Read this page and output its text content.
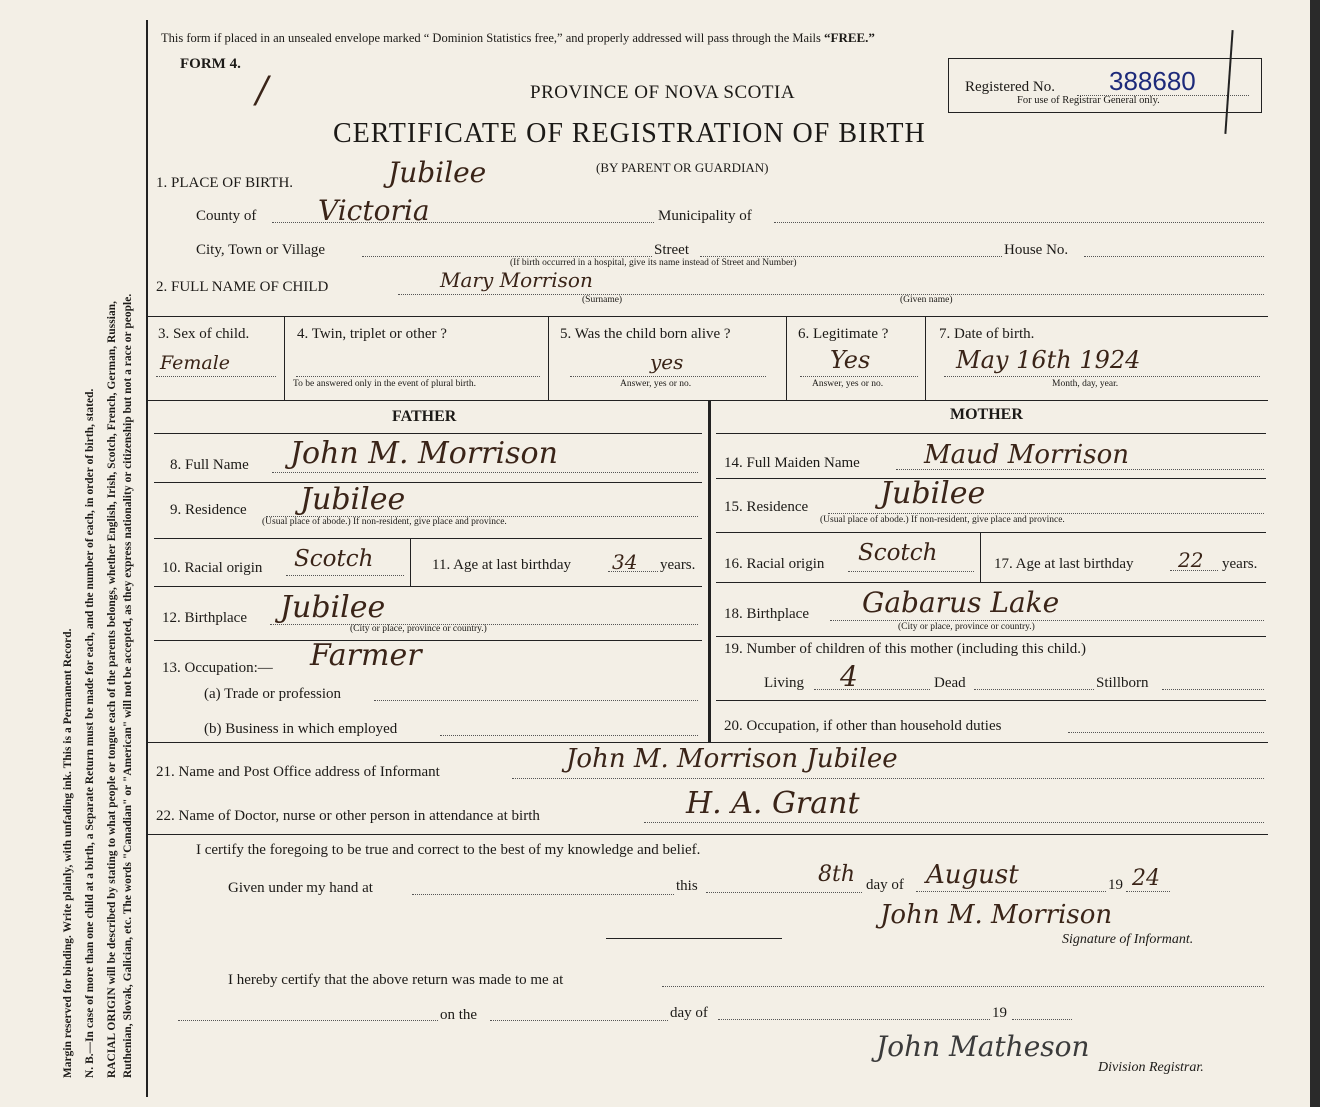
Margin reserved for binding. Write plainly, with unfading ink. This is a Permanent Record. N. B.—In case of more than one child at a birth, a Separate Return must be made for each, and the number of each, in order of birth, stated. RACIAL ORIGIN will be described by stating to what people or tongue each of the parents belongs, whether English, Irish, Scotch, French, German, Russian, Ruthenian, Slovak, Galician, etc. The words "Canadian" or "American" will not be accepted, as they express nationality or citizenship but not a race or people.
This form if placed in an unsealed envelope marked “ Dominion Statistics free,” and properly addressed will pass through the Mails “FREE.”
FORM 4.
/	PROVINCE OF NOVA SCOTIA
CERTIFICATE OF REGISTRATION OF BIRTH
(BY PARENT OR GUARDIAN)
Registered No. 388680
For use of Registrar General only.
1. PLACE OF BIRTH.	Jubilee
County of Victoria	Municipality of
City, Town or Village	Street	House No.
(If birth occurred in a hospital, give its name instead of Street and Number)
2. FULL NAME OF CHILD	Mary Morrison
(Surname)	(Given name)
3. Sex of child.
Female
4. Twin, triplet or other ?
To be answered only in the event of plural birth.
5. Was the child born alive ?
yes
Answer, yes or no.
6. Legitimate ?
Yes
Answer, yes or no.
7. Date of birth.
May 16th 1924
Month, day, year.
FATHER	MOTHER
8. Full Name John M. Morrison
9. Residence Jubilee
(Usual place of abode.) If non-resident, give place and province.
10. Racial origin Scotch	11. Age at last birthday 34 years.
12. Birthplace Jubilee
(City or place, province or country.)
13. Occupation:— Farmer
(a) Trade or profession
(b) Business in which employed
14. Full Maiden Name Maud Morrison
15. Residence Jubilee
(Usual place of abode.) If non-resident, give place and province.
16. Racial origin Scotch	17. Age at last birthday 22 years.
18. Birthplace Gabarus Lake
(City or place, province or country.)
19. Number of children of this mother (including this child.)
Living 4	Dead	Stillborn
20. Occupation, if other than household duties
21. Name and Post Office address of Informant	John M. Morrison Jubilee
22. Name of Doctor, nurse or other person in attendance at birth	H. A. Grant
I certify the foregoing to be true and correct to the best of my knowledge and belief.
Given under my hand at	this	8th day of August	19 24
John M. Morrison
Signature of Informant.
I hereby certify that the above return was made to me at
on the	day of	19
John Matheson
Division Registrar.
